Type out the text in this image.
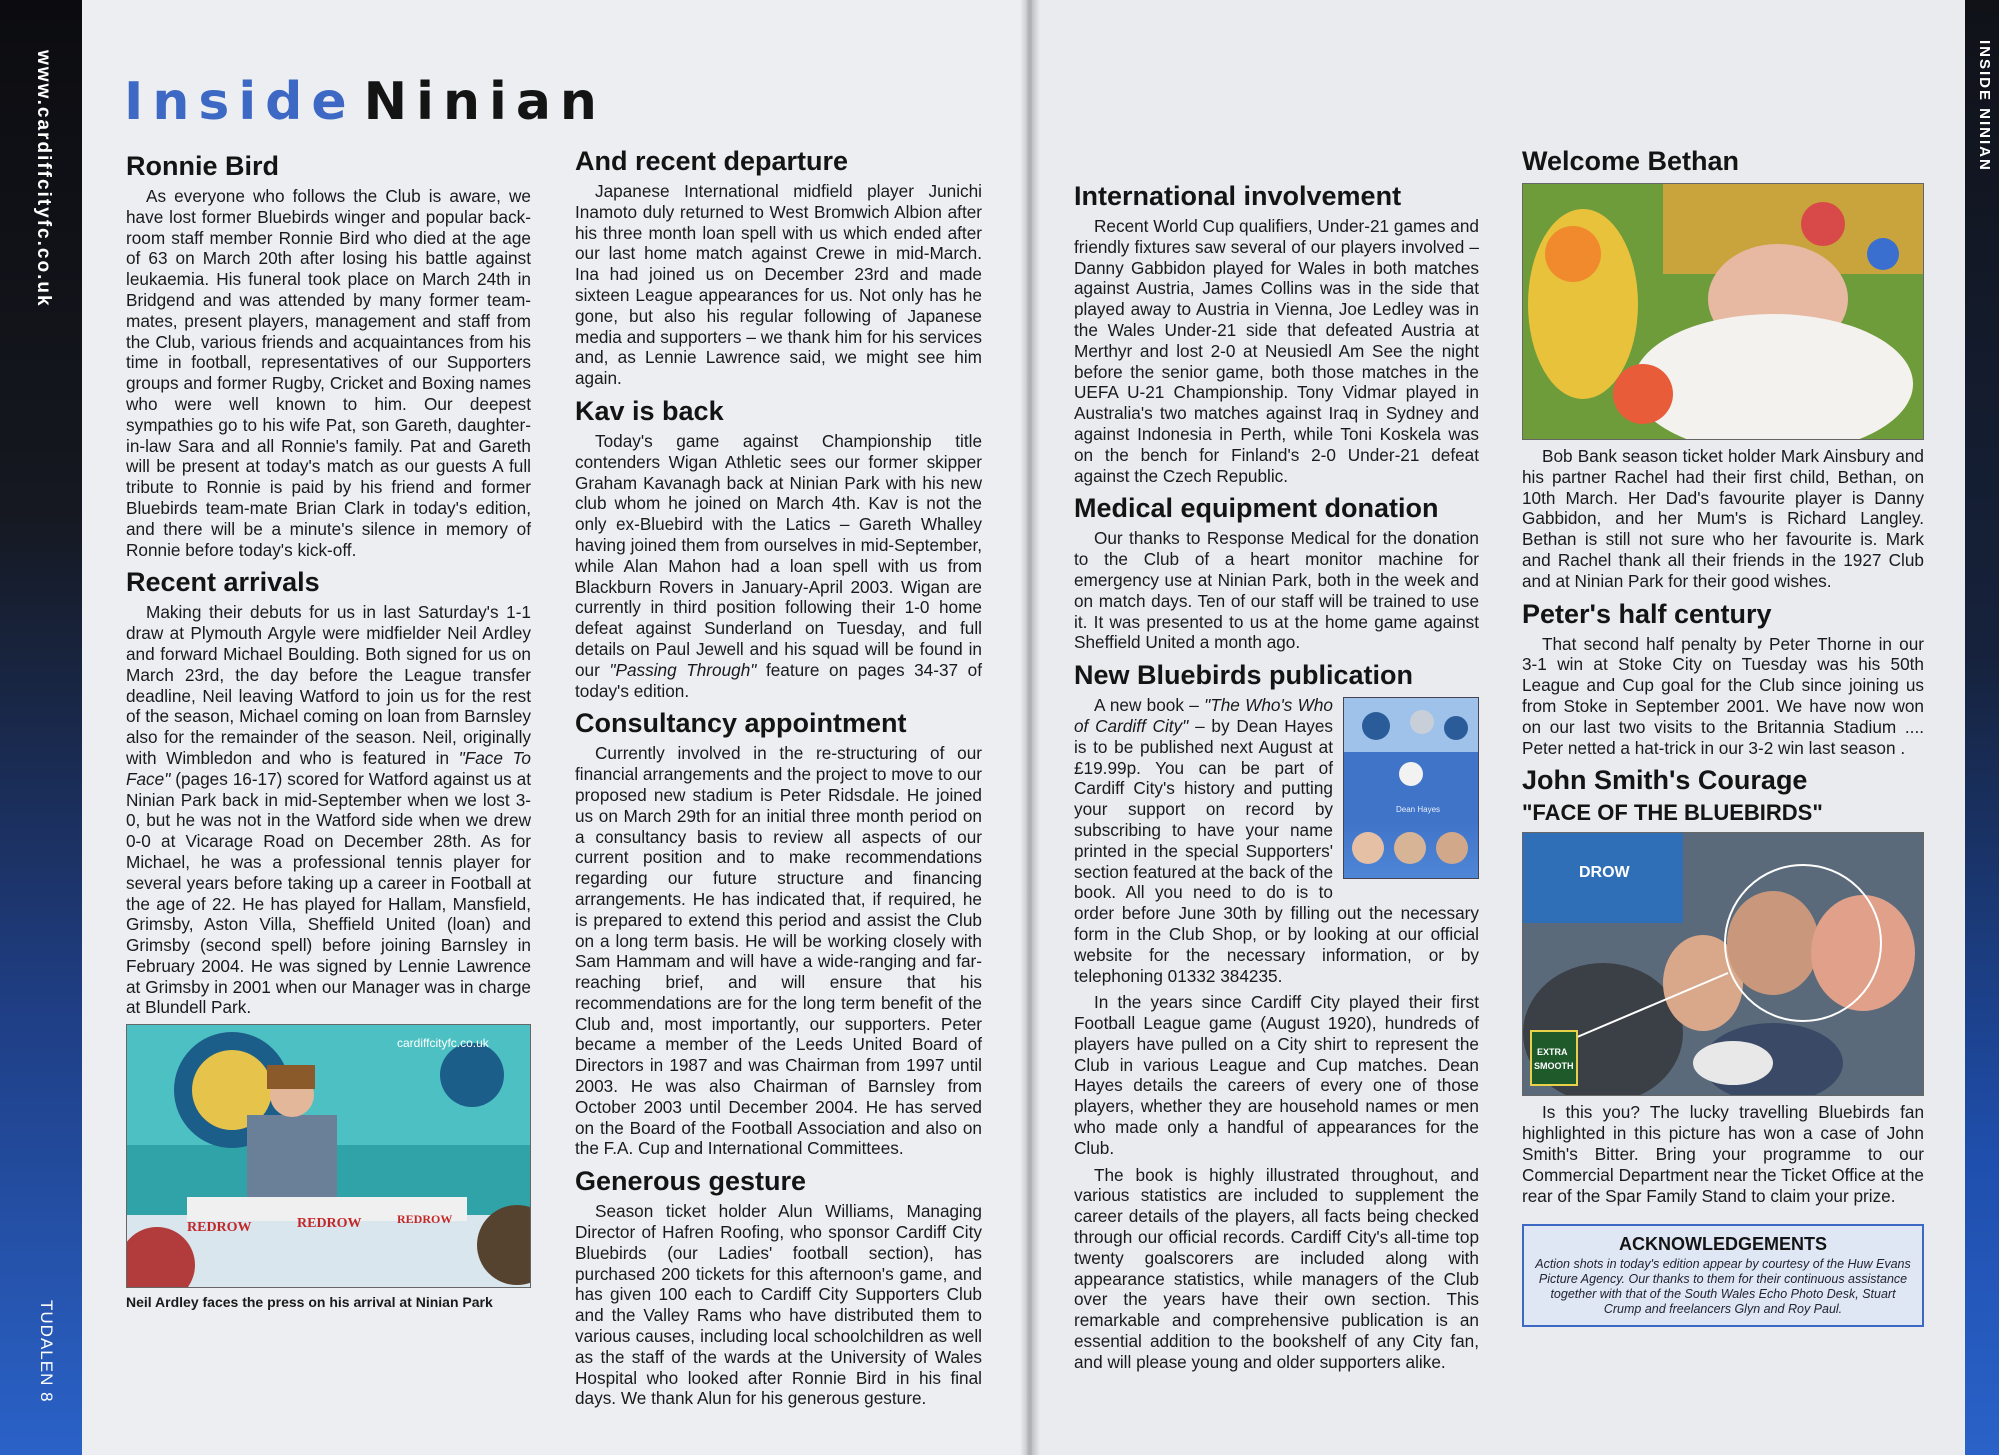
www.cardiffcityfc.co.uk
TUDALEN 8
INSIDE NINIAN
Inside Ninian
Ronnie Bird

As everyone who follows the Club is aware, we have lost former Bluebirds winger and popular back-room staff member Ronnie Bird who died at the age of 63 on March 20th after losing his battle against leukaemia. His funeral took place on March 24th in Bridgend and was attended by many former team-mates, present players, management and staff from the Club, various friends and acquaintances from his time in football, representatives of our Supporters groups and former Rugby, Cricket and Boxing names who were well known to him. Our deepest sympathies go to his wife Pat, son Gareth, daughter-in-law Sara and all Ronnie's family. Pat and Gareth will be present at today's match as our guests A full tribute to Ronnie is paid by his friend and former Bluebirds team-mate Brian Clark in today's edition, and there will be a minute's silence in memory of Ronnie before today's kick-off.

Recent arrivals

Making their debuts for us in last Saturday's 1-1 draw at Plymouth Argyle were midfielder Neil Ardley and forward Michael Boulding. Both signed for us on March 23rd, the day before the League transfer deadline, Neil leaving Watford to join us for the rest of the season, Michael coming on loan from Barnsley also for the remainder of the season. Neil, originally with Wimbledon and who is featured in "Face To Face" (pages 16-17) scored for Watford against us at Ninian Park back in mid-September when we lost 3-0, but he was not in the Watford side when we drew 0-0 at Vicarage Road on December 28th. As for Michael, he was a professional tennis player for several years before taking up a career in Football at the age of 22. He has played for Hallam, Mansfield, Grimsby, Aston Villa, Sheffield United (loan) and Grimsby (second spell) before joining Barnsley in February 2004. He was signed by Lennie Lawrence at Grimsby in 2001 when our Manager was in charge at Blundell Park.

cardiffcityfc.co.uk
REDROW	REDROW	REDROW
Neil Ardley faces the press on his arrival at Ninian Park
And recent departure

Japanese International midfield player Junichi Inamoto duly returned to West Bromwich Albion after his three month loan spell with us which ended after our last home match against Crewe in mid-March. Ina had joined us on December 23rd and made sixteen League appearances for us. Not only has he gone, but also his regular following of Japanese media and supporters – we thank him for his services and, as Lennie Lawrence said, we might see him again.

Kav is back

Today's game against Championship title contenders Wigan Athletic sees our former skipper Graham Kavanagh back at Ninian Park with his new club whom he joined on March 4th. Kav is not the only ex-Bluebird with the Latics – Gareth Whalley having joined them from ourselves in mid-September, while Alan Mahon had a loan spell with us from Blackburn Rovers in January-April 2003. Wigan are currently in third position following their 1-0 home defeat against Sunderland on Tuesday, and full details on Paul Jewell and his squad will be found in our "Passing Through" feature on pages 34-37 of today's edition.

Consultancy appointment

Currently involved in the re-structuring of our financial arrangements and the project to move to our proposed new stadium is Peter Ridsdale. He joined us on March 29th for an initial three month period on a consultancy basis to review all aspects of our current position and to make recommendations regarding our future structure and financing arrangements. He has indicated that, if required, he is prepared to extend this period and assist the Club on a long term basis. He will be working closely with Sam Hammam and will have a wide-ranging and far-reaching brief, and will ensure that his recommendations are for the long term benefit of the Club and, most importantly, our supporters. Peter became a member of the Leeds United Board of Directors in 1987 and was Chairman from 1997 until 2003. He was also Chairman of Barnsley from October 2003 until December 2004. He has served on the Board of the Football Association and also on the F.A. Cup and International Committees.

Generous gesture

Season ticket holder Alun Williams, Managing Director of Hafren Roofing, who sponsor Cardiff City Bluebirds (our Ladies' football section), has purchased 200 tickets for this afternoon's game, and has given 100 each to Cardiff City Supporters Club and the Valley Rams who have distributed them to various causes, including local schoolchildren as well as the staff of the wards at the University of Wales Hospital who looked after Ronnie Bird in his final days. We thank Alun for his generous gesture.

International involvement

Recent World Cup qualifiers, Under-21 games and friendly fixtures saw several of our players involved – Danny Gabbidon played for Wales in both matches against Austria, James Collins was in the side that played away to Austria in Vienna, Joe Ledley was in the Wales Under-21 side that defeated Austria at Merthyr and lost 2-0 at Neusiedl Am See the night before the senior game, both those matches in the UEFA U-21 Championship. Tony Vidmar played in Australia's two matches against Iraq in Sydney and against Indonesia in Perth, while Toni Koskela was on the bench for Finland's 2-0 Under-21 defeat against the Czech Republic.

Medical equipment donation

Our thanks to Response Medical for the donation to the Club of a heart monitor machine for emergency use at Ninian Park, both in the week and on match days. Ten of our staff will be trained to use it. It was presented to us at the home game against Sheffield United a month ago.

New Bluebirds publication
Dean Hayes

A new book – "The Who's Who of Cardiff City" – by Dean Hayes is to be published next August at £19.99p. You can be part of Cardiff City's history and putting your support on record by subscribing to have your name printed in the special Supporters' section featured at the back of the book. All you need to do is to order before June 30th by filling out the necessary form in the Club Shop, or by looking at our official website for the necessary information, or by telephoning 01332 384235.

In the years since Cardiff City played their first Football League game (August 1920), hundreds of players have pulled on a City shirt to represent the Club in various League and Cup matches. Dean Hayes details the careers of every one of those players, whether they are household names or men who made only a handful of appearances for the Club.

The book is highly illustrated throughout, and various statistics are included to supplement the career details of the players, all facts being checked through our official records. Cardiff City's all-time top twenty goalscorers are included along with appearance statistics, while managers of the Club over the years have their own section. This remarkable and comprehensive publication is an essential addition to the bookshelf of any City fan, and will please young and older supporters alike.

Welcome Bethan

Bob Bank season ticket holder Mark Ainsbury and his partner Rachel had their first child, Bethan, on 10th March. Her Dad's favourite player is Danny Gabbidon, and her Mum's is Richard Langley. Bethan is still not sure who her favourite is. Mark and Rachel thank all their friends in the 1927 Club and at Ninian Park for their good wishes.

Peter's half century

That second half penalty by Peter Thorne in our 3-1 win at Stoke City on Tuesday was his 50th League and Cup goal for the Club since joining us from Stoke in September 2001. We have now won on our last two visits to the Britannia Stadium .... Peter netted a hat-trick in our 3-2 win last season .

John Smith's Courage
"FACE OF THE BLUEBIRDS"
DROW
EXTRA
SMOOTH

Is this you? The lucky travelling Bluebirds fan highlighted in this picture has won a case of John Smith's Bitter. Bring your programme to our Commercial Department near the Ticket Office at the rear of the Spar Family Stand to claim your prize.

ACKNOWLEDGEMENTS
Action shots in today's edition appear by courtesy of the Huw Evans Picture Agency. Our thanks to them for their continuous assistance together with that of the South Wales Echo Photo Desk, Stuart Crump and freelancers Glyn and Roy Paul.
